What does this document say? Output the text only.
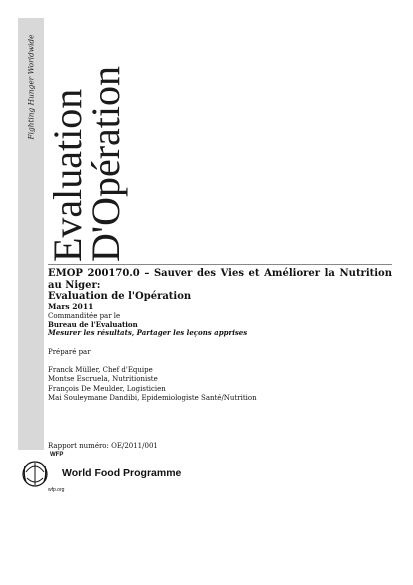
Fighting Hunger Worldwide
Evaluation
D'Opération
EMOP 200170.0 – Sauver des Vies et Améliorer la Nutrition au Niger:
Evaluation de l'Opération
Mars 2011
Commanditée par le
Bureau de l'Evaluation
Mesurer les résultats, Partager les leçons apprises
Préparé par
Franck Müller, Chef d'Equipe
Montse Escruela, Nutritioniste
François De Meulder, Logisticien
Mai Souleymane Dandibi, Epidemiologiste Santé/Nutrition
Rapport numéro: OE/2011/001
WFP
wfp.org
World Food Programme
